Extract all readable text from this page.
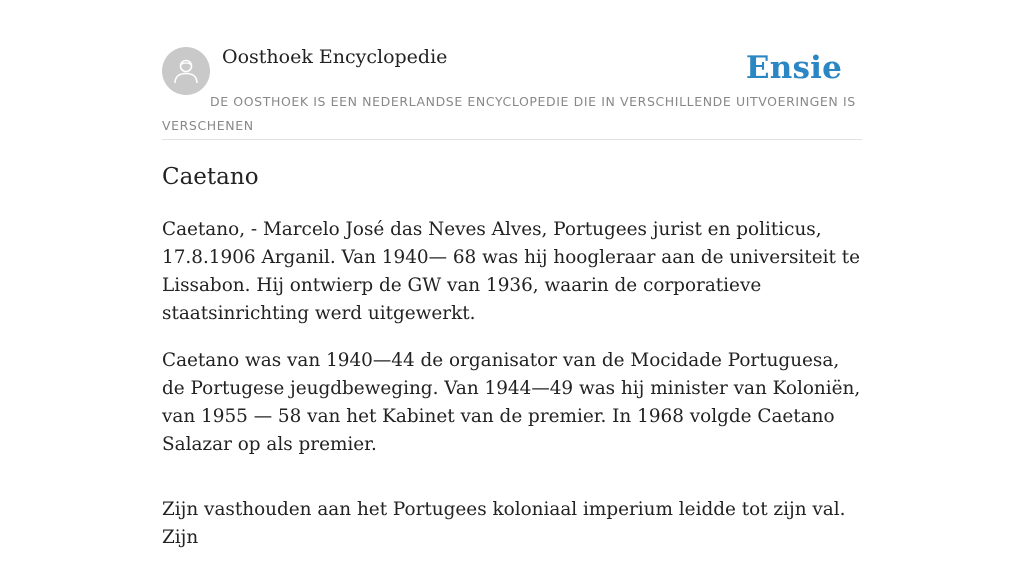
Oosthoek Encyclopedie	Ensie
DE OOSTHOEK IS EEN NEDERLANDSE ENCYCLOPEDIE DIE IN VERSCHILLENDE UITVOERINGEN IS VERSCHENEN
Caetano

Caetano, - Marcelo José das Neves Alves, Portugees jurist en politicus, 17.8.1906 Arganil. Van 1940— 68 was hij hoogleraar aan de universiteit te Lissabon. Hij ontwierp de GW van 1936, waarin de corporatieve staatsinrichting werd uitgewerkt.

Caetano was van 1940—44 de organisator van de Mocidade Portuguesa, de Portugese jeugdbeweging. Van 1944—49 was hij minister van Koloniën, van 1955 — 58 van het Kabinet van de premier. In 1968 volgde Caetano Salazar op als premier.

Zijn vasthouden aan het Portugees koloniaal imperium leidde tot zijn val. Zijn
